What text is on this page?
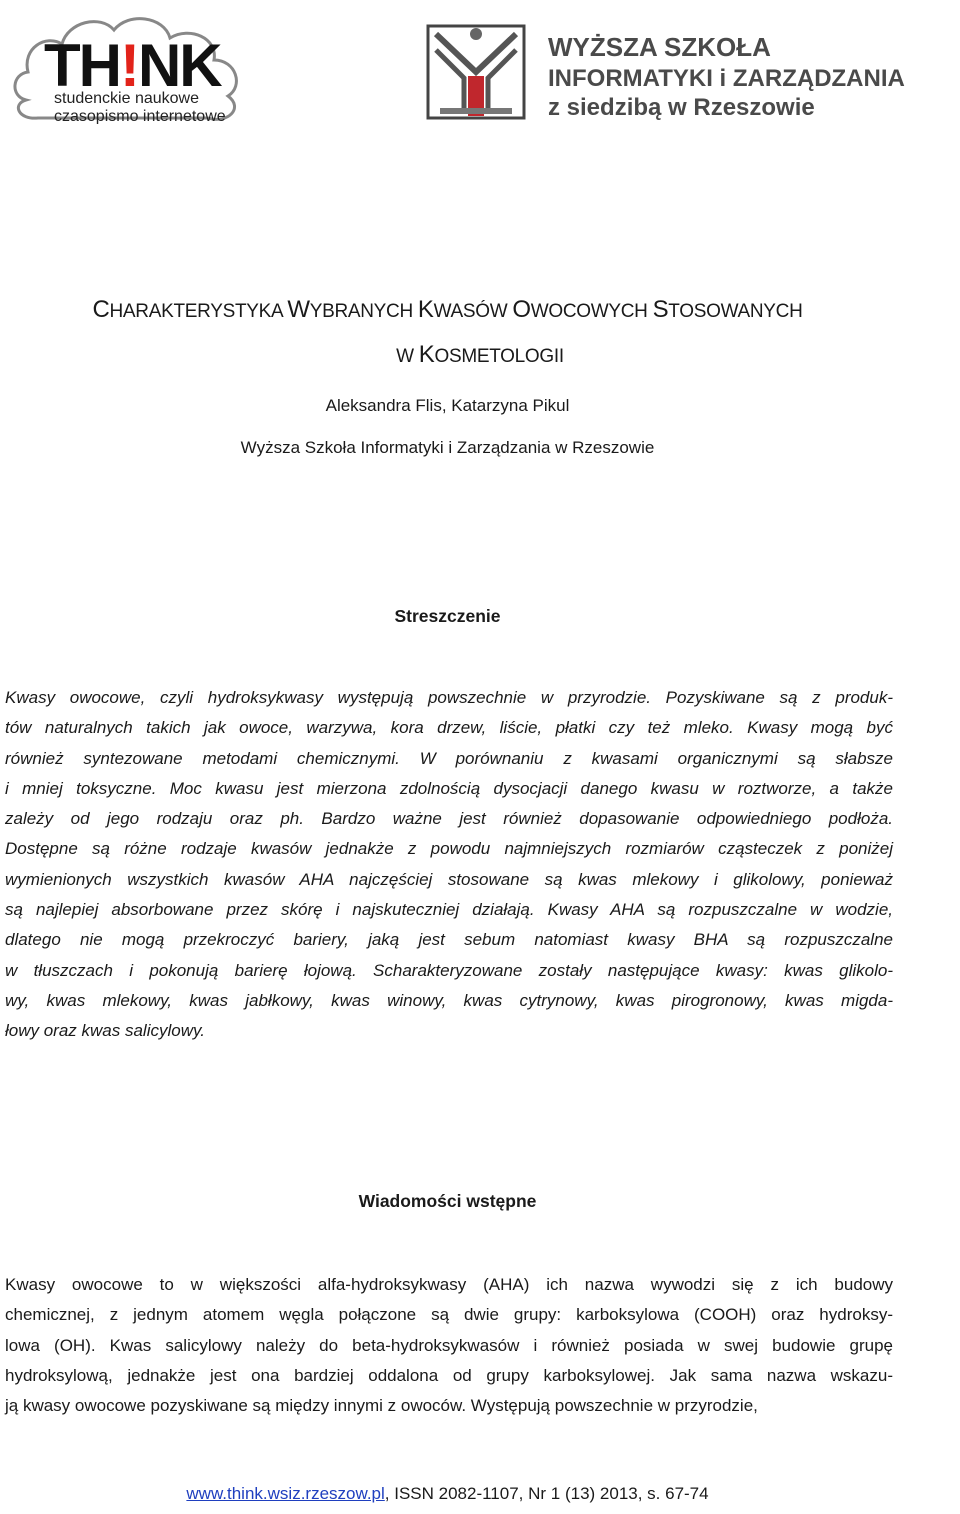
TH!NK
studenckie naukowe
czasopismo internetowe
WYŻSZA SZKOŁA
INFORMATYKI i ZARZĄDZANIA
z siedzibą w Rzeszowie
CHARAKTERYSTYKA WYBRANYCH KWASÓW OWOCOWYCH STOSOWANYCH
W KOSMETOLOGII
Aleksandra Flis, Katarzyna Pikul
Wyższa Szkoła Informatyki i Zarządzania w Rzeszowie
Streszczenie
Kwasy owocowe, czyli hydroksykwasy występują powszechnie w przyrodzie. Pozyskiwane są z produk-
tów naturalnych takich jak owoce, warzywa, kora drzew, liście, płatki czy też mleko. Kwasy mogą być
również syntezowane metodami chemicznymi. W porównaniu z kwasami organicznymi są słabsze
i mniej toksyczne. Moc kwasu jest mierzona zdolnością dysocjacji danego kwasu w roztworze, a także
zależy od jego rodzaju oraz ph. Bardzo ważne jest również dopasowanie odpowiedniego podłoża.
Dostępne są różne rodzaje kwasów jednakże z powodu najmniejszych rozmiarów cząsteczek z poniżej
wymienionych wszystkich kwasów AHA najczęściej stosowane są kwas mlekowy i glikolowy, ponieważ
są najlepiej absorbowane przez skórę i najskuteczniej działają. Kwasy AHA są rozpuszczalne w wodzie,
dlatego nie mogą przekroczyć bariery, jaką jest sebum natomiast kwasy BHA są rozpuszczalne
w tłuszczach i pokonują barierę łojową. Scharakteryzowane zostały następujące kwasy: kwas glikolo-
wy, kwas mlekowy, kwas jabłkowy, kwas winowy, kwas cytrynowy, kwas pirogronowy, kwas migda-
łowy oraz kwas salicylowy.
Wiadomości wstępne
Kwasy owocowe to w większości alfa-hydroksykwasy (AHA) ich nazwa wywodzi się z ich budowy
chemicznej, z jednym atomem węgla połączone są dwie grupy: karboksylowa (COOH) oraz hydroksy-
lowa (OH). Kwas salicylowy należy do beta-hydroksykwasów i również posiada w swej budowie grupę
hydroksylową, jednakże jest ona bardziej oddalona od grupy karboksylowej. Jak sama nazwa wskazu-
ją kwasy owocowe pozyskiwane są między innymi z owoców. Występują powszechnie w przyrodzie,
www.think.wsiz.rzeszow.pl, ISSN 2082-1107, Nr 1 (13) 2013, s. 67-74
